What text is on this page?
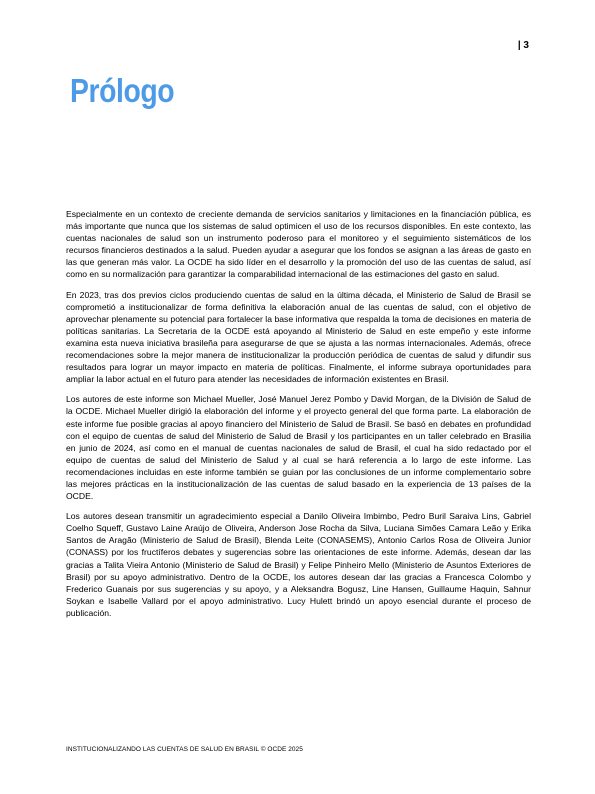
| 3
Prólogo

Especialmente en un contexto de creciente demanda de servicios sanitarios y limitaciones en la financiación pública, es más importante que nunca que los sistemas de salud optimicen el uso de los recursos disponibles. En este contexto, las cuentas nacionales de salud son un instrumento poderoso para el monitoreo y el seguimiento sistemáticos de los recursos financieros destinados a la salud. Pueden ayudar a asegurar que los fondos se asignan a las áreas de gasto en las que generan más valor. La OCDE ha sido líder en el desarrollo y la promoción del uso de las cuentas de salud, así como en su normalización para garantizar la comparabilidad internacional de las estimaciones del gasto en salud.

En 2023, tras dos previos ciclos produciendo cuentas de salud en la última década, el Ministerio de Salud de Brasil se comprometió a institucionalizar de forma definitiva la elaboración anual de las cuentas de salud, con el objetivo de aprovechar plenamente su potencial para fortalecer la base informativa que respalda la toma de decisiones en materia de políticas sanitarias. La Secretaria de la OCDE está apoyando al Ministerio de Salud en este empeño y este informe examina esta nueva iniciativa brasileña para asegurarse de que se ajusta a las normas internacionales. Además, ofrece recomendaciones sobre la mejor manera de institucionalizar la producción periódica de cuentas de salud y difundir sus resultados para lograr un mayor impacto en materia de políticas. Finalmente, el informe subraya oportunidades para ampliar la labor actual en el futuro para atender las necesidades de información existentes en Brasil.

Los autores de este informe son Michael Mueller, José Manuel Jerez Pombo y David Morgan, de la División de Salud de la OCDE. Michael Mueller dirigió la elaboración del informe y el proyecto general del que forma parte. La elaboración de este informe fue posible gracias al apoyo financiero del Ministerio de Salud de Brasil. Se basó en debates en profundidad con el equipo de cuentas de salud del Ministerio de Salud de Brasil y los participantes en un taller celebrado en Brasilia en junio de 2024, así como en el manual de cuentas nacionales de salud de Brasil, el cual ha sido redactado por el equipo de cuentas de salud del Ministerio de Salud y al cual se hará referencia a lo largo de este informe. Las recomendaciones incluidas en este informe también se guian por las conclusiones de un informe complementario sobre las mejores prácticas en la institucionalización de las cuentas de salud basado en la experiencia de 13 países de la OCDE.

Los autores desean transmitir un agradecimiento especial a Danilo Oliveira Imbimbo, Pedro Buril Saraiva Lins, Gabriel Coelho Squeff, Gustavo Laine Araújo de Oliveira, Anderson Jose Rocha da Silva, Luciana Simões Camara Leão y Erika Santos de Aragão (Ministerio de Salud de Brasil), Blenda Leite (CONASEMS), Antonio Carlos Rosa de Oliveira Junior (CONASS) por los fructíferos debates y sugerencias sobre las orientaciones de este informe. Además, desean dar las gracias a Talita Vieira Antonio (Ministerio de Salud de Brasil) y Felipe Pinheiro Mello (Ministerio de Asuntos Exteriores de Brasil) por su apoyo administrativo. Dentro de la OCDE, los autores desean dar las gracias a Francesca Colombo y Frederico Guanais por sus sugerencias y su apoyo, y a Aleksandra Bogusz, Line Hansen, Guillaume Haquin, Sahnur Soykan e Isabelle Vallard por el apoyo administrativo. Lucy Hulett brindó un apoyo esencial durante el proceso de publicación.

INSTITUCIONALIZANDO LAS CUENTAS DE SALUD EN BRASIL © OCDE 2025
